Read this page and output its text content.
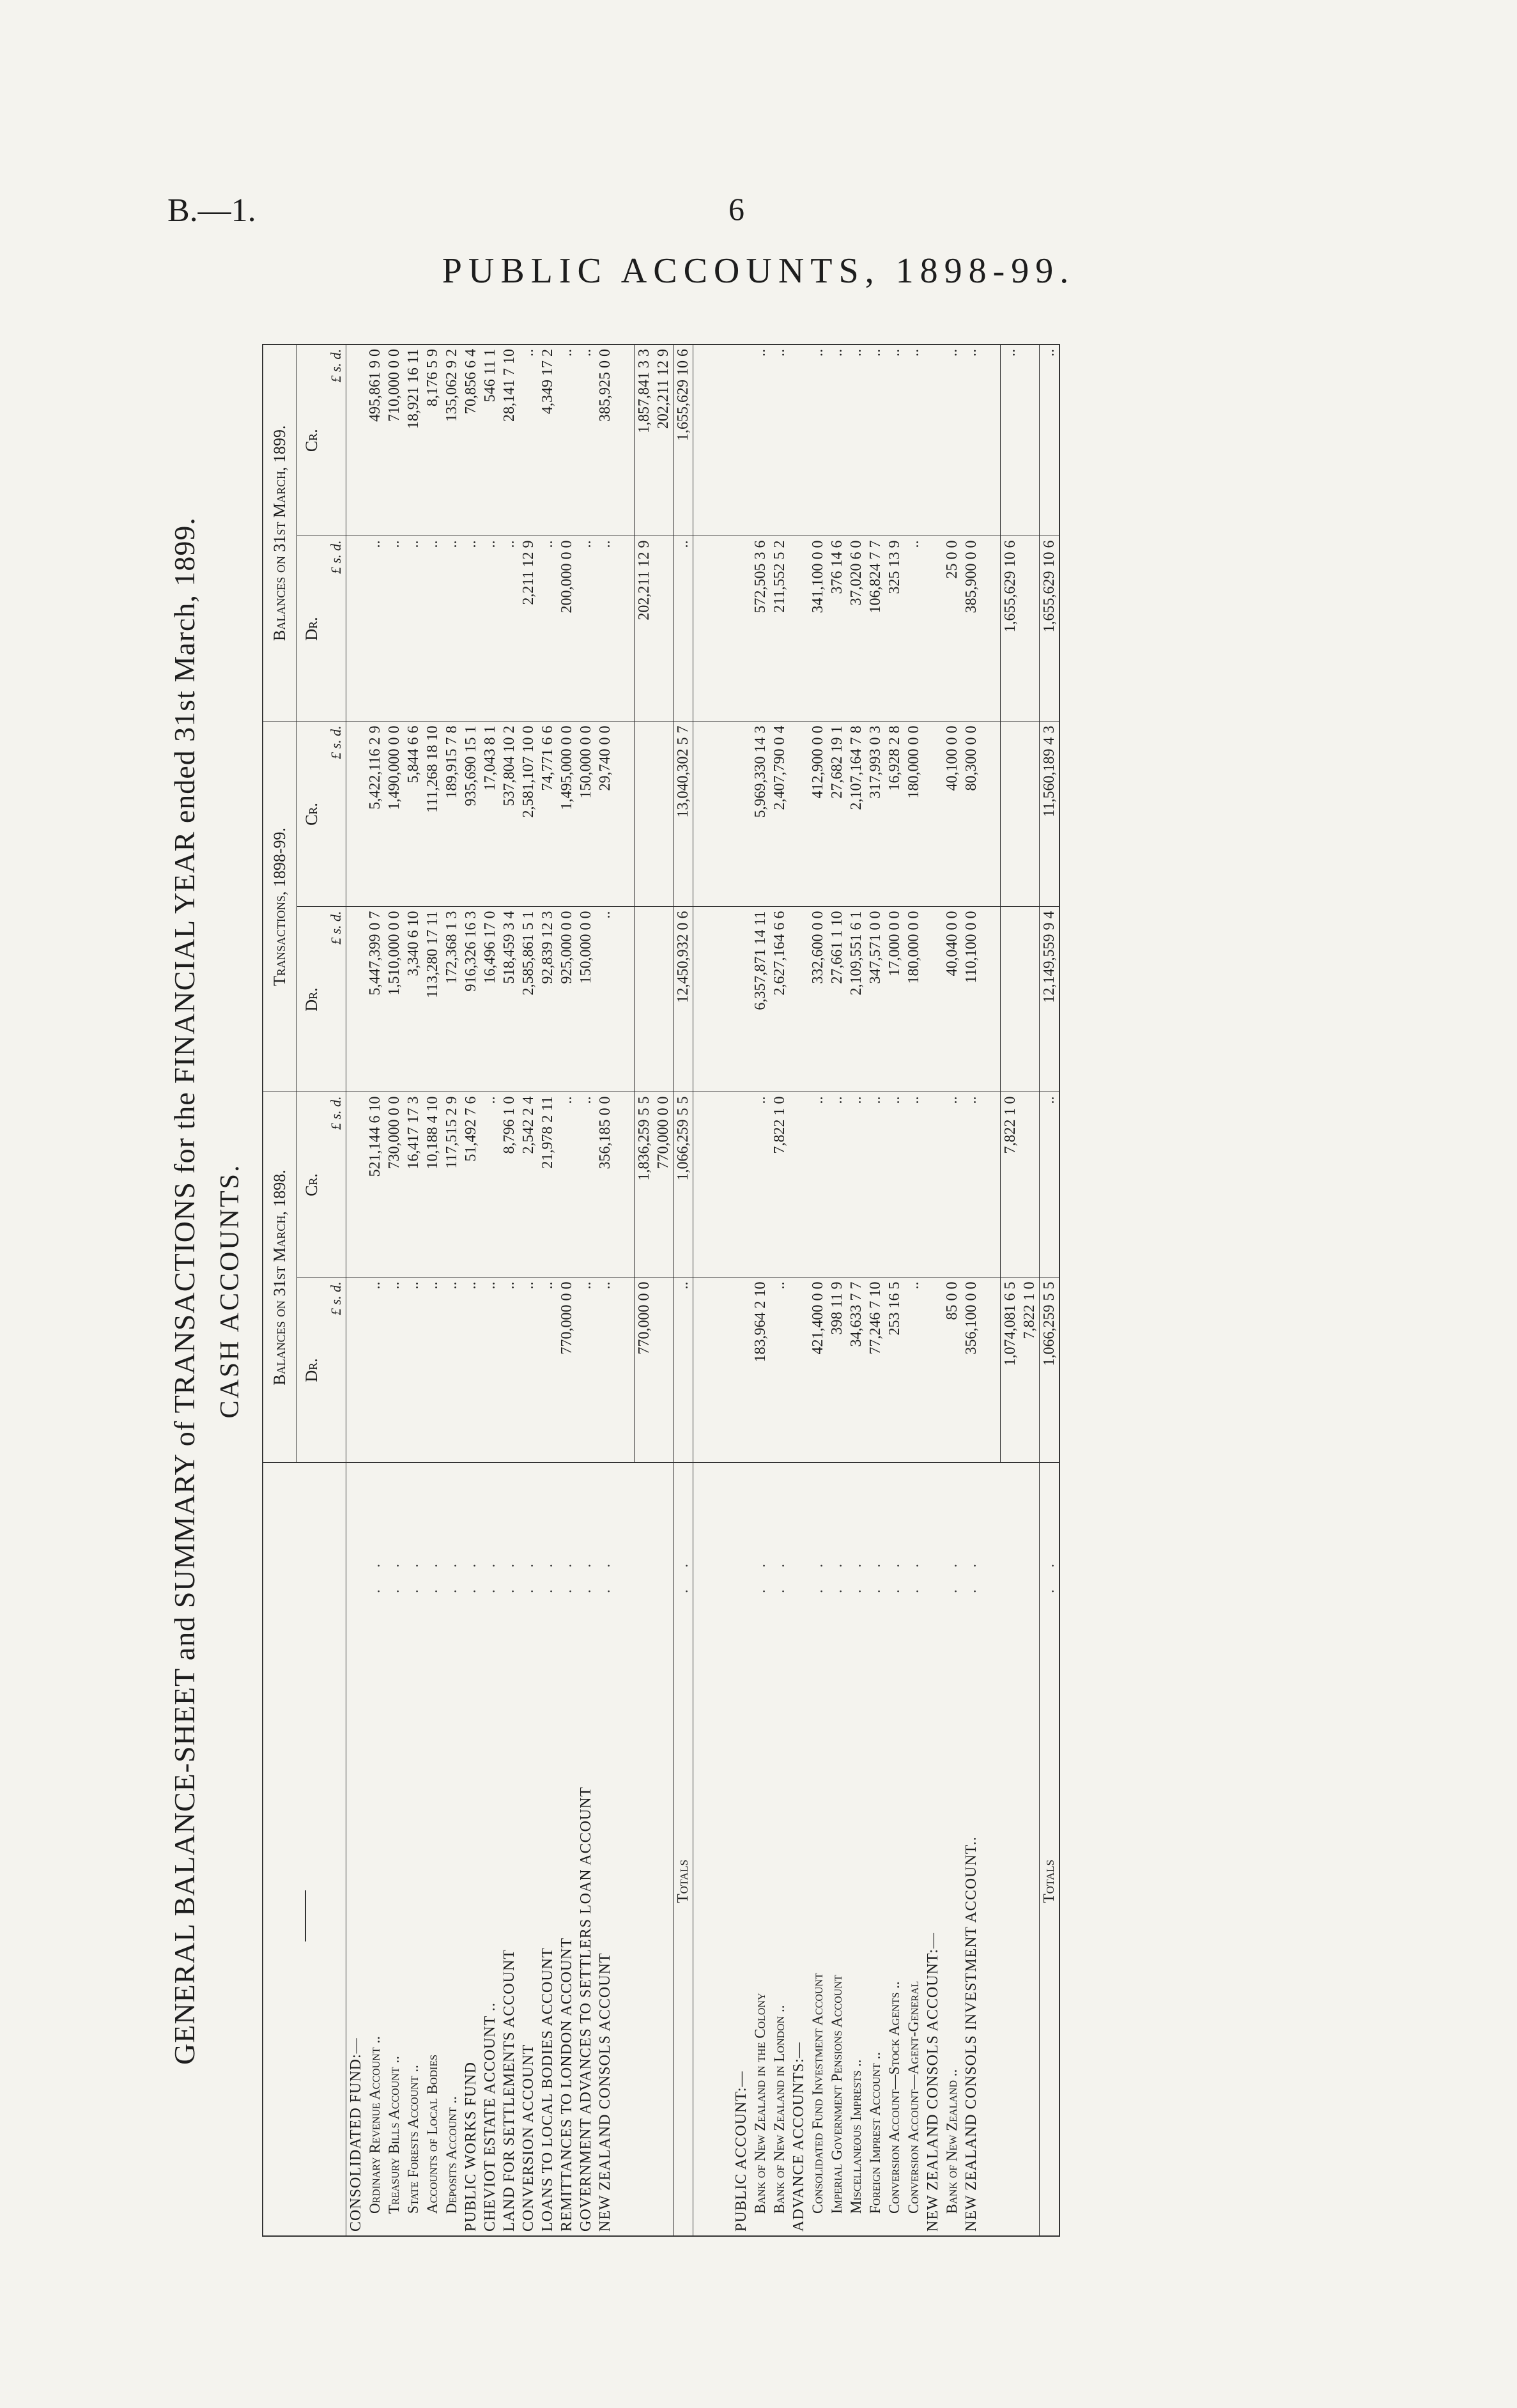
B.—1.	6
PUBLIC ACCOUNTS, 1898-99.
GENERAL BALANCE-SHEET and SUMMARY of TRANSACTIONS for the FINANCIAL YEAR ended 31st March, 1899. CASH ACCOUNTS.
		Balances on 31st March, 1898.		Transactions, 1898-99.		Balances on 31st March, 1899.	
		Dr.	Cr.	Dr.	Cr.	Dr.	Cr.
		£ s. d.	£ s. d.	£ s. d.	£ s. d.	£ s. d.	£ s. d.
CONSOLIDATED FUND:—							
Ordinary Revenue Account ..	. .	..	521,144 6 10	5,447,399 0 7	5,422,116 2 9	..	495,861 9 0
Treasury Bills Account ..	. .	..	730,000 0 0	1,510,000 0 0	1,490,000 0 0	..	710,000 0 0
State Forests Account ..	. .	..	16,417 17 3	3,340 6 10	5,844 6 6	..	18,921 16 11
Accounts of Local Bodies	. .	..	10,188 4 10	113,280 17 11	111,268 18 10	..	8,176 5 9
Deposits Account ..	. .	..	117,515 2 9	172,368 1 3	189,915 7 8	..	135,062 9 2
PUBLIC WORKS FUND	. .	..	51,492 7 6	916,326 16 3	935,690 15 1	..	70,856 6 4
CHEVIOT ESTATE ACCOUNT ..	. .	..	..	16,496 17 0	17,043 8 1	..	546 11 1
LAND FOR SETTLEMENTS ACCOUNT	. .	..	8,796 1 0	518,459 3 4	537,804 10 2	..	28,141 7 10
CONVERSION ACCOUNT	. .	..	2,542 2 4	2,585,861 5 1	2,581,107 10 0	2,211 12 9	..
LOANS TO LOCAL BODIES ACCOUNT	. .	..	21,978 2 11	92,839 12 3	74,771 6 6	..	4,349 17 2
REMITTANCES TO LONDON ACCOUNT	. .	770,000 0 0	..	925,000 0 0	1,495,000 0 0	200,000 0 0	..
GOVERNMENT ADVANCES TO SETTLERS LOAN ACCOUNT	. .	..	..	150,000 0 0	150,000 0 0	..	..
NEW ZEALAND CONSOLS ACCOUNT	. .	..	356,185 0 0	..	29,740 0 0	..	385,925 0 0

		770,000 0 0	1,836,259 5 5			202,211 12 9	1,857,841 3 3
			770,000 0 0				202,211 12 9
Totals	. .	..	1,066,259 5 5	12,450,932 0 6	13,040,302 5 7	..	1,655,629 10 6

PUBLIC ACCOUNT:—							
Bank of New Zealand in the Colony	. .	183,964 2 10	..	6,357,871 14 11	5,969,330 14 3	572,505 3 6	..
Bank of New Zealand in London ..	. .	..	7,822 1 0	2,627,164 6 6	2,407,790 0 4	211,552 5 2	..
ADVANCE ACCOUNTS:—							
Consolidated Fund Investment Account	. .	421,400 0 0	..	332,600 0 0	412,900 0 0	341,100 0 0	..
Imperial Government Pensions Account	. .	398 11 9	..	27,661 1 10	27,682 19 1	376 14 6	..
Miscellaneous Imprests ..	. .	34,633 7 7	..	2,109,551 6 1	2,107,164 7 8	37,020 6 0	..
Foreign Imprest Account ..	. .	77,246 7 10	..	347,571 0 0	317,993 0 3	106,824 7 7	..
Conversion Account—Stock Agents ..	. .	253 16 5	..	17,000 0 0	16,928 2 8	325 13 9	..
Conversion Account—Agent-General	. .	..	..	180,000 0 0	180,000 0 0	..	..
NEW ZEALAND CONSOLS ACCOUNT:—							
Bank of New Zealand ..	. .	85 0 0	..	40,040 0 0	40,100 0 0	25 0 0	..
NEW ZEALAND CONSOLS INVESTMENT ACCOUNT..	. .	356,100 0 0	..	110,100 0 0	80,300 0 0	385,900 0 0	..

		1,074,081 6 5	7,822 1 0			1,655,629 10 6	..
		7,822 1 0					
Totals	. .	1,066,259 5 5	..	12,149,559 9 4	11,560,189 4 3	1,655,629 10 6	..
